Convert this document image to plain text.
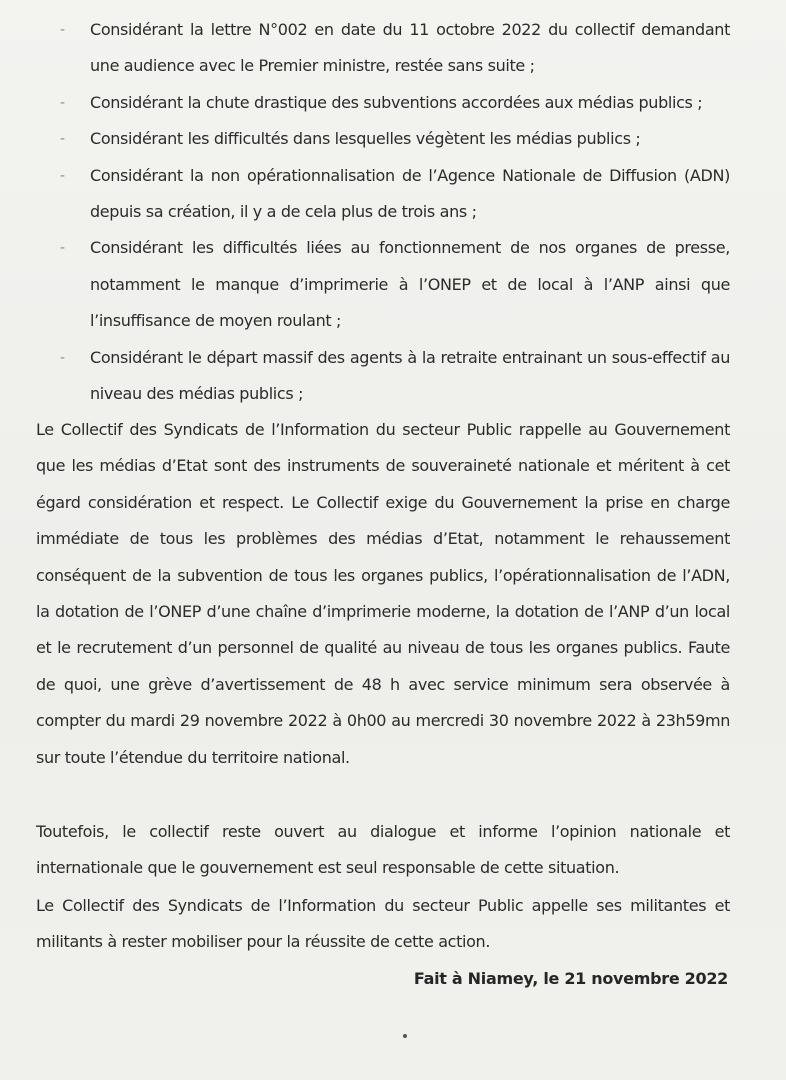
- Considérant la lettre N°002 en date du 11 octobre 2022 du collectif demandant une audience avec le Premier ministre, restée sans suite ;
- Considérant la chute drastique des subventions accordées aux médias publics ;
- Considérant les difficultés dans lesquelles végètent les médias publics ;
- Considérant la non opérationnalisation de l’Agence Nationale de Diffusion (ADN) depuis sa création, il y a de cela plus de trois ans ;
- Considérant les difficultés liées au fonctionnement de nos organes de presse, notamment le manque d’imprimerie à l’ONEP et de local à l’ANP ainsi que l’insuffisance de moyen roulant ;
- Considérant le départ massif des agents à la retraite entrainant un sous-effectif au niveau des médias publics ;

Le Collectif des Syndicats de l’Information du secteur Public rappelle au Gouvernement que les médias d’Etat sont des instruments de souveraineté nationale et méritent à cet égard considération et respect. Le Collectif exige du Gouvernement la prise en charge immédiate de tous les problèmes des médias d’Etat, notamment le rehaussement conséquent de la subvention de tous les organes publics, l’opérationnalisation de l’ADN, la dotation de l’ONEP d’une chaîne d’imprimerie moderne, la dotation de l’ANP d’un local et le recrutement d’un personnel de qualité au niveau de tous les organes publics. Faute de quoi, une grève d’avertissement de 48 h avec service minimum sera observée à compter du mardi 29 novembre 2022 à 0h00 au mercredi 30 novembre 2022 à 23h59mn sur toute l’étendue du territoire national.

Toutefois, le collectif reste ouvert au dialogue et informe l’opinion nationale et internationale que le gouvernement est seul responsable de cette situation.

Le Collectif des Syndicats de l’Information du secteur Public appelle ses militantes et militants à rester mobiliser pour la réussite de cette action.

Fait à Niamey, le 21 novembre 2022
